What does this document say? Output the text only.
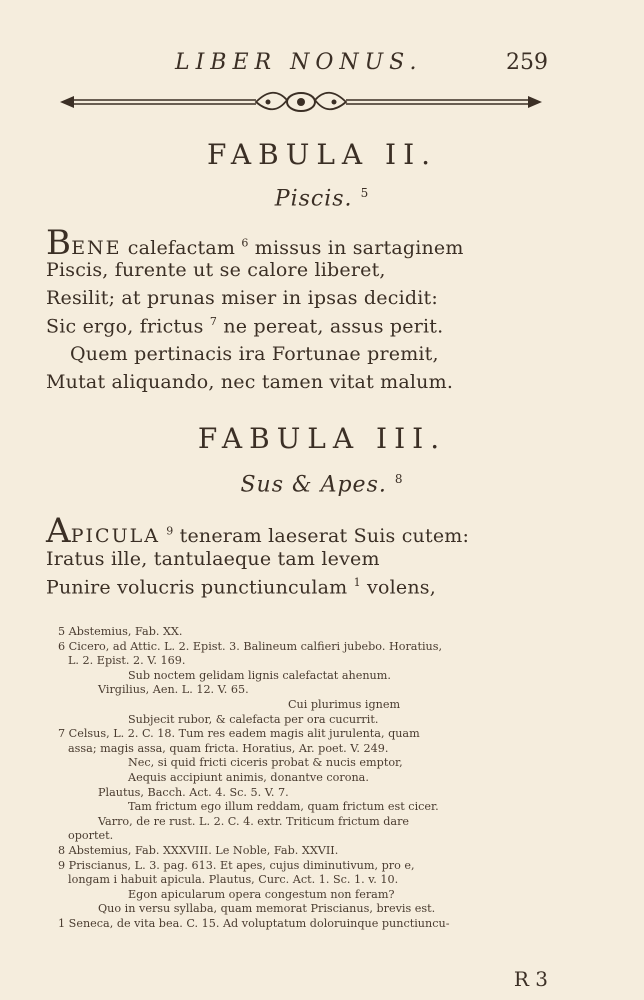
LIBER NONUS.	259
FABULA II.
Piscis. $^5$
BENE calefactam $^6$ missus in sartaginem
Piscis, furente ut se calore liberet,
Resilit; at prunas miser in ipsas decidit:
Sic ergo, frictus $^7$ ne pereat, assus perit.
Quem pertinacis ira Fortunae premit,
Mutat aliquando, nec tamen vitat malum.
FABULA III.
Sus & Apes. $^8$
APICULA $^9$ teneram laeserat Suis cutem:
Iratus ille, tantulaeque tam levem
Punire volucris punctiunculam $^1$ volens,
5 Abstemius, Fab. XX.
6 Cicero, ad Attic. L. 2. Epist. 3. Balineum calfieri jubebo. Horatius,
L. 2. Epist. 2. V. 169.
Sub noctem gelidam lignis calefactat ahenum.
Virgilius, Aen. L. 12. V. 65.
Cui plurimus ignem
Subjecit rubor, & calefacta per ora cucurrit.
7 Celsus, L. 2. C. 18. Tum res eadem magis alit jurulenta, quam
assa; magis assa, quam fricta. Horatius, Ar. poet. V. 249.
Nec, si quid fricti ciceris probat & nucis emptor,
Aequis accipiunt animis, donantve corona.
Plautus, Bacch. Act. 4. Sc. 5. V. 7.
Tam frictum ego illum reddam, quam frictum est cicer.
Varro, de re rust. L. 2. C. 4. extr. Triticum frictum dare
oportet.
8 Abstemius, Fab. XXXVIII. Le Noble, Fab. XXVII.
9 Priscianus, L. 3. pag. 613. Et apes, cujus diminutivum, pro e,
longam i habuit apicula. Plautus, Curc. Act. 1. Sc. 1. v. 10.
Egon apicularum opera congestum non feram?
Quo in versu syllaba, quam memorat Priscianus, brevis est.
1 Seneca, de vita bea. C. 15. Ad voluptatum doloruinque punctiuncu-
R 3
